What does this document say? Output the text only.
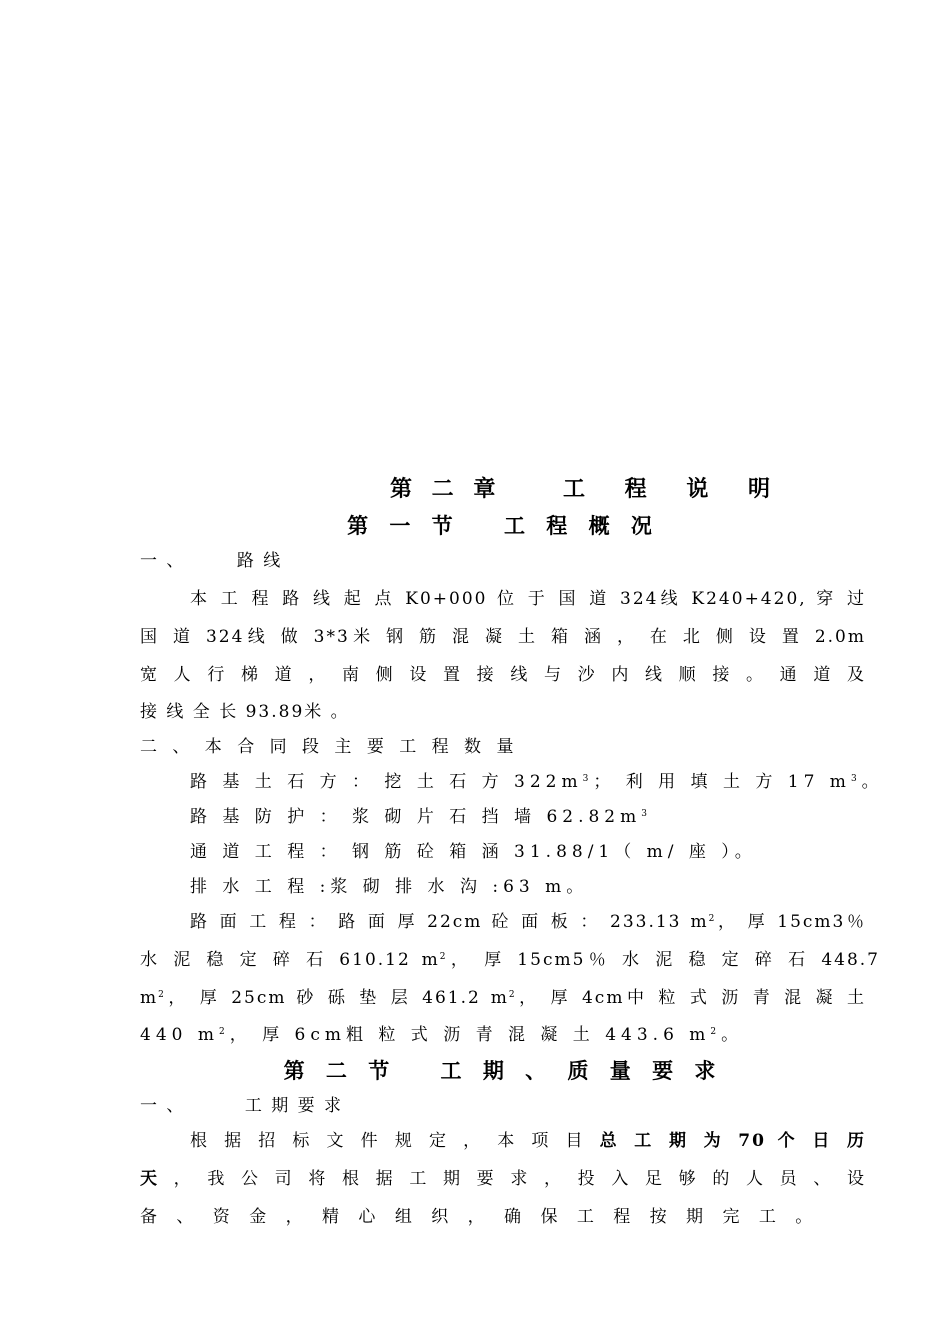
第 二 章	工 程 说 明
第 一 节 工 程 概 况
一 、	路 线
本 工 程 路 线 起 点 K0+000 位 于 国 道 324线 K240+420, 穿 过
国 道 324线 做 3*3米 钢 筋 混 凝 土 箱 涵 ， 在 北 侧 设 置 2.0m
宽 人 行 梯 道 ， 南 侧 设 置 接 线 与 沙 内 线 顺 接 。 通 道 及
接 线 全 长 93.89米 。
二 、 本 合 同 段 主 要 工 程 数 量
路 基 土 石 方 ： 挖 土 石 方 $322m^3$； 利 用 填 土 方 17 $m^3$。
路 基 防 护 ： 浆 砌 片 石 挡 墙 $62.82m^3$
通 道 工 程 ： 钢 筋 砼 箱 涵 31.88/1（ m/ 座 ）。
排 水 工 程 :浆 砌 排 水 沟 :63 m。
路 面 工 程 ： 路 面 厚 22cm 砼 面 板 ： 233.13 $m^2$， 厚 15cm3％
水 泥 稳 定 碎 石 610.12 $m^2$， 厚 15cm5％ 水 泥 稳 定 碎 石 448.7
$m^2$， 厚 25cm 砂 砾 垫 层 461.2 $m^2$， 厚 4cm中 粒 式 沥 青 混 凝 土
440 $m^2$， 厚 6cm粗 粒 式 沥 青 混 凝 土 443.6 $m^2$。
第 二 节 工 期 、 质 量 要 求
一 、	工 期 要 求
根 据 招 标 文 件 规 定 ， 本 项 目 总 工 期 为 70 个 日 历
天 ， 我 公 司 将 根 据 工 期 要 求 ， 投 入 足 够 的 人 员 、 设
备 、 资 金 ， 精 心 组 织 ， 确 保 工 程 按 期 完 工 。
